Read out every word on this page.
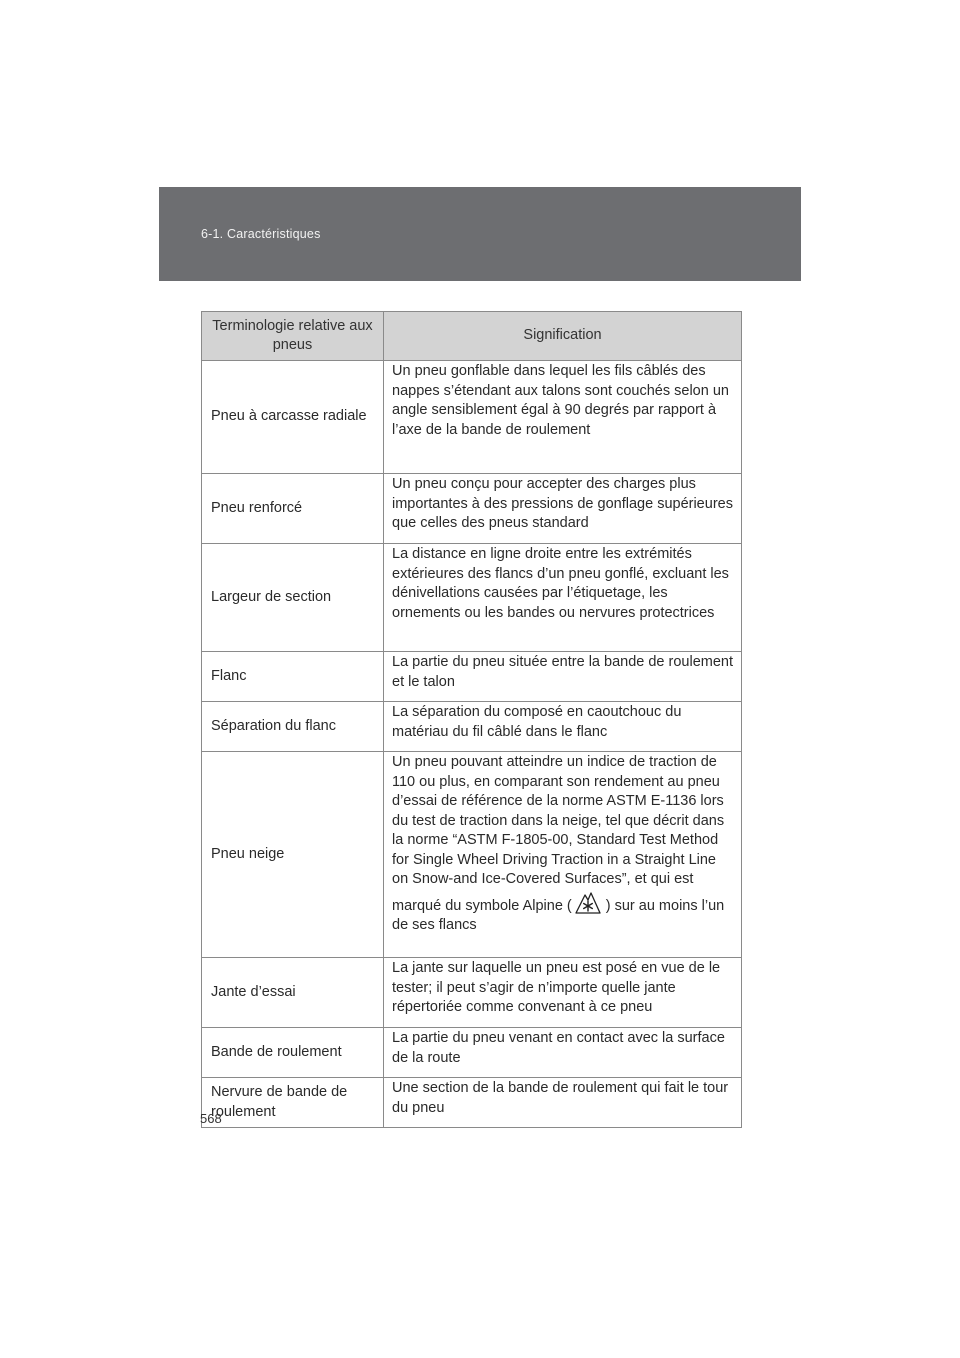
6-1. Caractéristiques
Terminologie relative aux pneus	Signification
Pneu à carcasse radiale	Un pneu gonflable dans lequel les fils câblés des nappes s’étendant aux talons sont couchés selon un angle sensiblement égal à 90 degrés par rapport à l’axe de la bande de roulement
Pneu renforcé	Un pneu conçu pour accepter des charges plus importantes à des pressions de gonflage supérieures que celles des pneus standard
Largeur de section	La distance en ligne droite entre les extrémités extérieures des flancs d’un pneu gonflé, excluant les dénivellations causées par l’étiquetage, les ornements ou les bandes ou nervures protectrices
Flanc	La partie du pneu située entre la bande de roulement et le talon
Séparation du flanc	La séparation du composé en caoutchouc du matériau du fil câblé dans le flanc
Pneu neige	Un pneu pouvant atteindre un indice de traction de 110 ou plus, en comparant son rendement au pneu d’essai de référence de la norme ASTM E-1136 lors du test de traction dans la neige, tel que décrit dans la norme “ASTM F-1805-00, Standard Test Method for Single Wheel Driving Traction in a Straight Line on Snow-and Ice-Covered Surfaces”, et qui est marqué du symbole Alpine ( ) sur au moins l’un de ses flancs
Jante d’essai	La jante sur laquelle un pneu est posé en vue de le tester; il peut s’agir de n’importe quelle jante répertoriée comme convenant à ce pneu
Bande de roulement	La partie du pneu venant en contact avec la surface de la route
Nervure de bande de roulement	Une section de la bande de roulement qui fait le tour du pneu
568
